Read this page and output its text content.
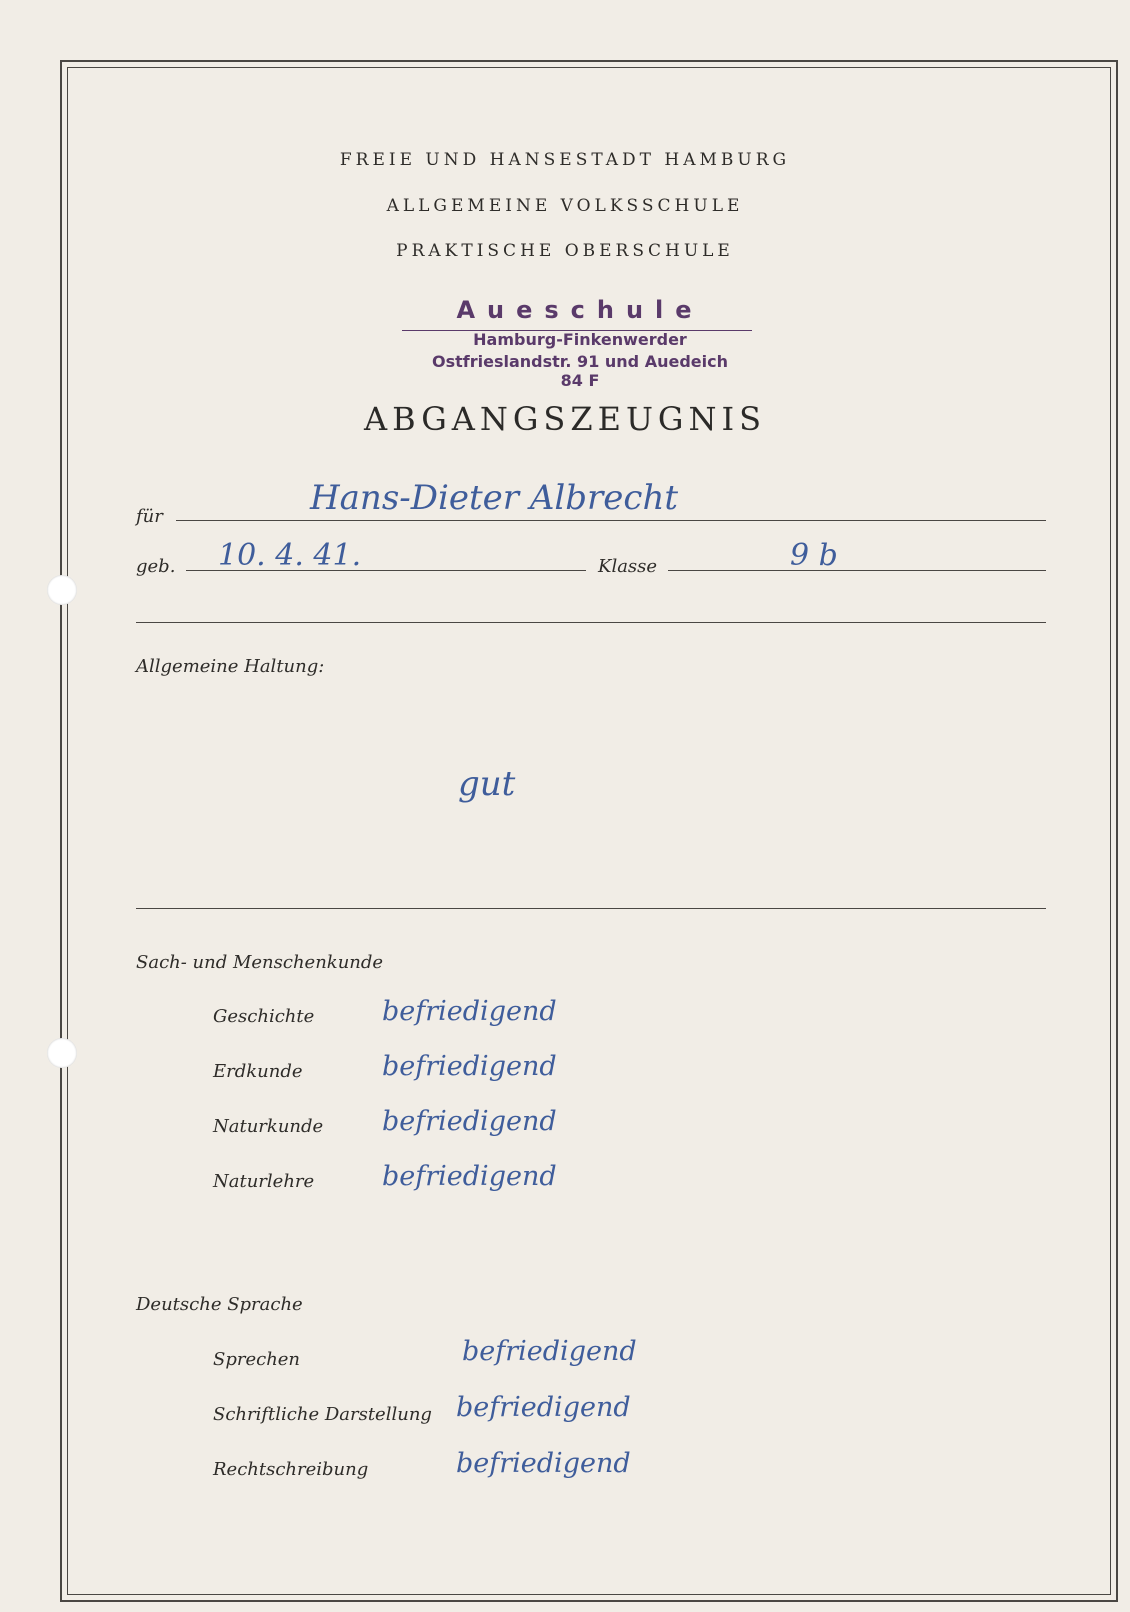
FREIE UND HANSESTADT HAMBURG
ALLGEMEINE VOLKSSCHULE
PRAKTISCHE OBERSCHULE
Aueschule
Hamburg-Finkenwerder
Ostfrieslandstr. 91 und Auedeich 84 F
ABGANGSZEUGNIS
für	Hans-Dieter Albrecht
geb. 10. 4. 41.	Klasse	9 b
Allgemeine Haltung:
gut
Sach- und Menschenkunde
Geschichte	befriedigend
Erdkunde	befriedigend
Naturkunde befriedigend
Naturlehre	befriedigend
Deutsche Sprache
Sprechen	befriedigend
Schriftliche Darstellung befriedigend
Rechtschreibung	befriedigend
